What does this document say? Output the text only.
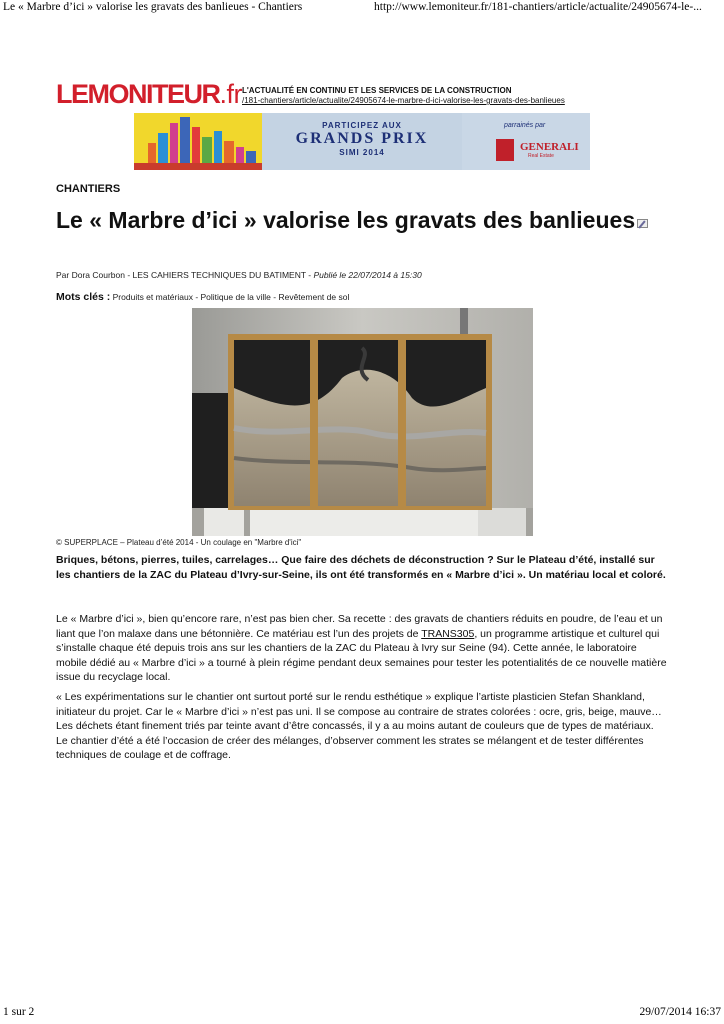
Le « Marbre d’ici » valorise les gravats des banlieues - Chantiers	http://www.lemoniteur.fr/181-chantiers/article/actualite/24905674-le-...
LEMONITEUR.fr L'ACTUALITÉ EN CONTINU ET LES SERVICES DE LA CONSTRUCTION
/181-chantiers/article/actualite/24905674-le-marbre-d-ici-valorise-les-gravats-des-banlieues
PARTICIPEZ AUX
GRANDS PRIX
SIMI 2014
parrainés par
GENERALI
Real Estate
CHANTIERS
Le « Marbre d’ici » valorise les gravats des banlieues
Par Dora Courbon - LES CAHIERS TECHNIQUES DU BATIMENT - Publié le 22/07/2014 à 15:30
Mots clés : Produits et matériaux - Politique de la ville - Revêtement de sol
© SUPERPLACE – Plateau d’été 2014 - Un coulage en "Marbre d'ici"

Briques, bétons, pierres, tuiles, carrelages… Que faire des déchets de déconstruction ? Sur le Plateau d’été, installé sur les chantiers de la ZAC du Plateau d’Ivry-sur-Seine, ils ont été transformés en « Marbre d’ici ». Un matériau local et coloré.

Le « Marbre d’ici », bien qu’encore rare, n’est pas bien cher. Sa recette : des gravats de chantiers réduits en poudre, de l’eau et un liant que l’on malaxe dans une bétonnière. Ce matériau est l’un des projets de TRANS305, un programme artistique et culturel qui s’installe chaque été depuis trois ans sur les chantiers de la ZAC du Plateau à Ivry sur Seine (94). Cette année, le laboratoire mobile dédié au « Marbre d’ici » a tourné à plein régime pendant deux semaines pour tester les potentialités de ce nouvelle matière issue du recyclage local.

« Les expérimentations sur le chantier ont surtout porté sur le rendu esthétique » explique l’artiste plasticien Stefan Shankland, initiateur du projet. Car le « Marbre d’ici » n’est pas uni. Il se compose au contraire de strates colorées : ocre, gris, beige, mauve… Les déchets étant finement triés par teinte avant d’être concassés, il y a au moins autant de couleurs que de types de matériaux. Le chantier d’été a été l’occasion de créer des mélanges, d’observer comment les strates se mélangent et de tester différentes techniques de coulage et de coffrage.

1 sur 2	29/07/2014 16:37
